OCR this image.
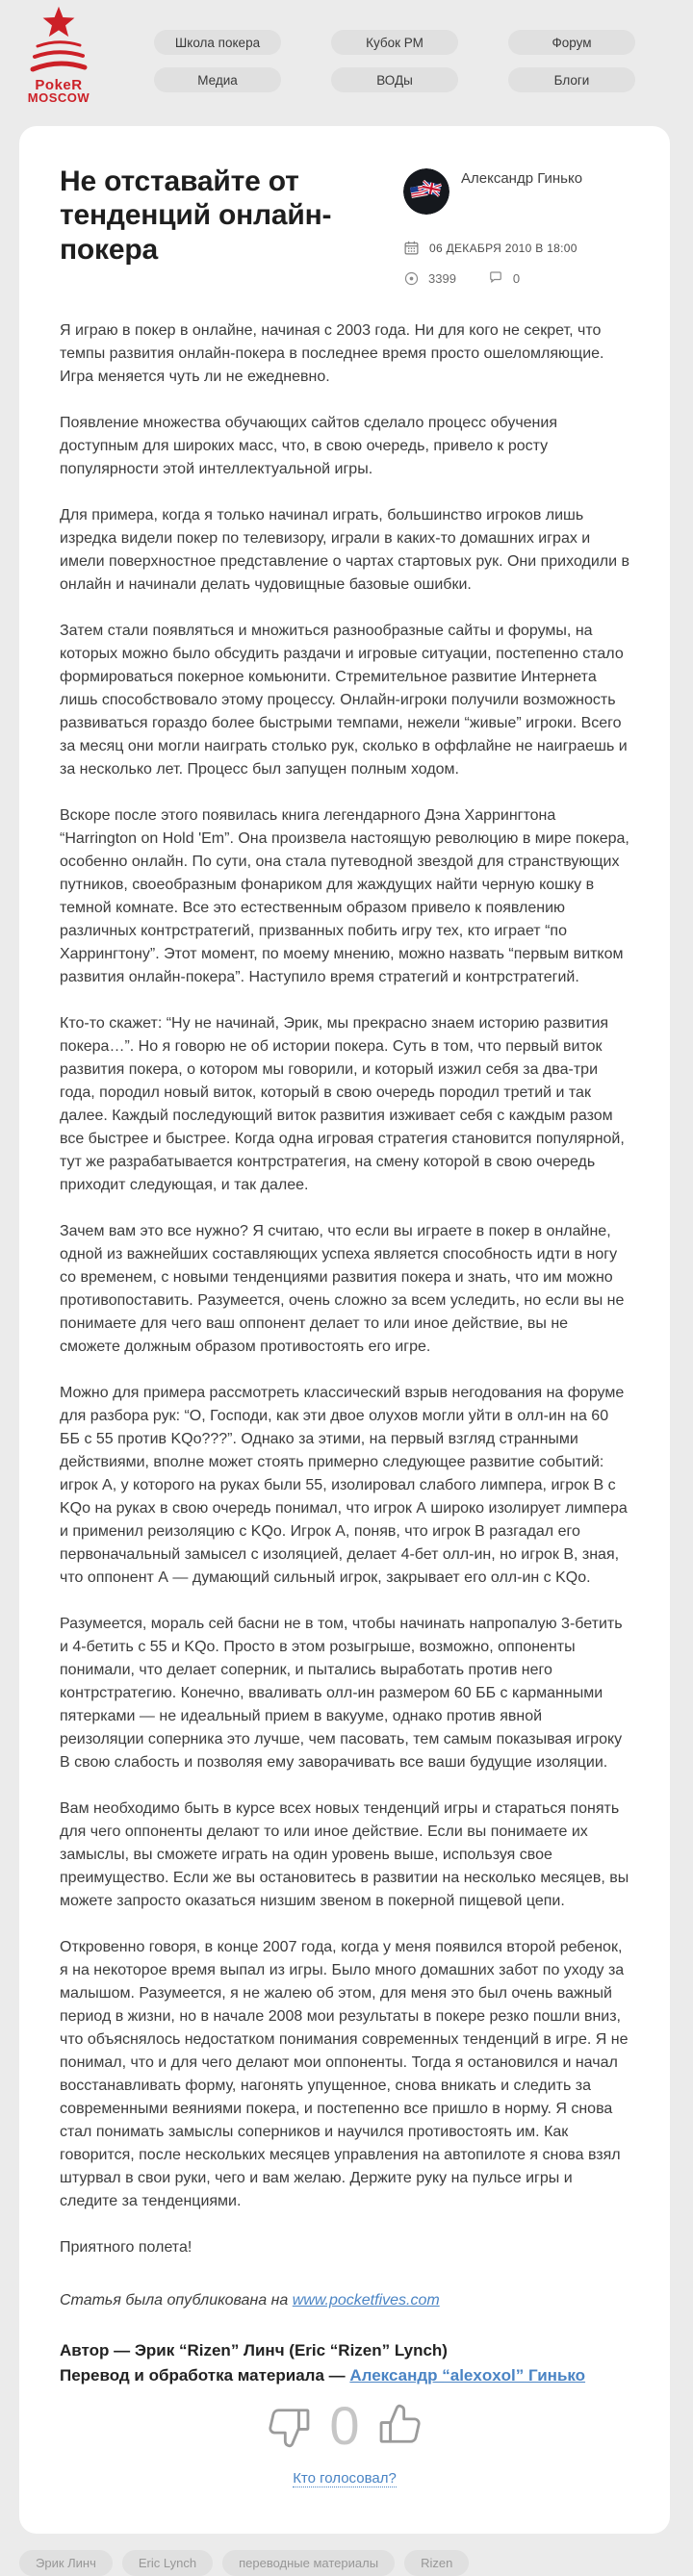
PokeR
MOSCOW
Школа покера	Кубок РМ	Форум
Медиа	ВОДы	Блоги
Не отставайте от тенденций онлайн-покера
Александр Гинько
06 ДЕКАБРЯ 2010 В 18:00
3399	0

Я играю в покер в онлайне, начиная с 2003 года. Ни для кого не секрет, что темпы развития онлайн-покера в последнее время просто ошеломляющие. Игра меняется чуть ли не ежедневно.

Появление множества обучающих сайтов сделало процесс обучения доступным для широких масс, что, в свою очередь, привело к росту популярности этой интеллектуальной игры.

Для примера, когда я только начинал играть, большинство игроков лишь изредка видели покер по телевизору, играли в каких-то домашних играх и имели поверхностное представление о чартах стартовых рук. Они приходили в онлайн и начинали делать чудовищные базовые ошибки.

Затем стали появляться и множиться разнообразные сайты и форумы, на которых можно было обсудить раздачи и игровые ситуации, постепенно стало формироваться покерное комьюнити. Стремительное развитие Интернета лишь способствовало этому процессу. Онлайн-игроки получили возможность развиваться гораздо более быстрыми темпами, нежели “живые” игроки. Всего за месяц они могли наиграть столько рук, сколько в оффлайне не наиграешь и за несколько лет. Процесс был запущен полным ходом.

Вскоре после этого появилась книга легендарного Дэна Харрингтона “Harrington on Hold 'Em”. Она произвела настоящую революцию в мире покера, особенно онлайн. По сути, она стала путеводной звездой для странствующих путников, своеобразным фонариком для жаждущих найти черную кошку в темной комнате. Все это естественным образом привело к появлению различных контрстратегий, призванных побить игру тех, кто играет “по Харрингтону”. Этот момент, по моему мнению, можно назвать “первым витком развития онлайн-покера”. Наступило время стратегий и контрстратегий.

Кто-то скажет: “Ну не начинай, Эрик, мы прекрасно знаем историю развития покера…”. Но я говорю не об истории покера. Суть в том, что первый виток развития покера, о котором мы говорили, и который изжил себя за два-три года, породил новый виток, который в свою очередь породил третий и так далее. Каждый последующий виток развития изживает себя с каждым разом все быстрее и быстрее. Когда одна игровая стратегия становится популярной, тут же разрабатывается контрстратегия, на смену которой в свою очередь приходит следующая, и так далее.

Зачем вам это все нужно? Я считаю, что если вы играете в покер в онлайне, одной из важнейших составляющих успеха является способность идти в ногу со временем, с новыми тенденциями развития покера и знать, что им можно противопоставить. Разумеется, очень сложно за всем уследить, но если вы не понимаете для чего ваш оппонент делает то или иное действие, вы не сможете должным образом противостоять его игре.

Можно для примера рассмотреть классический взрыв негодования на форуме для разбора рук: “О, Господи, как эти двое олухов могли уйти в олл-ин на 60 ББ с 55 против KQo???”. Однако за этими, на первый взгляд странными действиями, вполне может стоять примерно следующее развитие событий: игрок А, у которого на руках были 55, изолировал слабого лимпера, игрок В с KQo на руках в свою очередь понимал, что игрок А широко изолирует лимпера и применил реизоляцию с KQo. Игрок А, поняв, что игрок В разгадал его первоначальный замысел с изоляцией, делает 4-бет олл-ин, но игрок В, зная, что оппонент А — думающий сильный игрок, закрывает его олл-ин с KQo.

Разумеется, мораль сей басни не в том, чтобы начинать напропалую 3-бетить и 4-бетить с 55 и KQo. Просто в этом розыгрыше, возможно, оппоненты понимали, что делает соперник, и пытались выработать против него контрстратегию. Конечно, вваливать олл-ин размером 60 ББ с карманными пятерками — не идеальный прием в вакууме, однако против явной реизоляции соперника это лучше, чем пасовать, тем самым показывая игроку В свою слабость и позволяя ему заворачивать все ваши будущие изоляции.

Вам необходимо быть в курсе всех новых тенденций игры и стараться понять для чего оппоненты делают то или иное действие. Если вы понимаете их замыслы, вы сможете играть на один уровень выше, используя свое преимущество. Если же вы остановитесь в развитии на несколько месяцев, вы можете запросто оказаться низшим звеном в покерной пищевой цепи.

Откровенно говоря, в конце 2007 года, когда у меня появился второй ребенок, я на некоторое время выпал из игры. Было много домашних забот по уходу за малышом. Разумеется, я не жалею об этом, для меня это был очень важный период в жизни, но в начале 2008 мои результаты в покере резко пошли вниз, что объяснялось недостатком понимания современных тенденций в игре. Я не понимал, что и для чего делают мои оппоненты. Тогда я остановился и начал восстанавливать форму, нагонять упущенное, снова вникать и следить за современными веяниями покера, и постепенно все пришло в норму. Я снова стал понимать замыслы соперников и научился противостоять им. Как говорится, после нескольких месяцев управления на автопилоте я снова взял штурвал в свои руки, чего и вам желаю. Держите руку на пульсе игры и следите за тенденциями.

Приятного полета!

Статья была опубликована на www.pocketfives.com
Автор — Эрик “Rizen” Линч (Eric “Rizen” Lynch)
Перевод и обработка материала — Александр “alexoxol” Гинько
0
Кто голосовал?
Эрик Линч	Eric Lynch	переводные материалы	Rizen
